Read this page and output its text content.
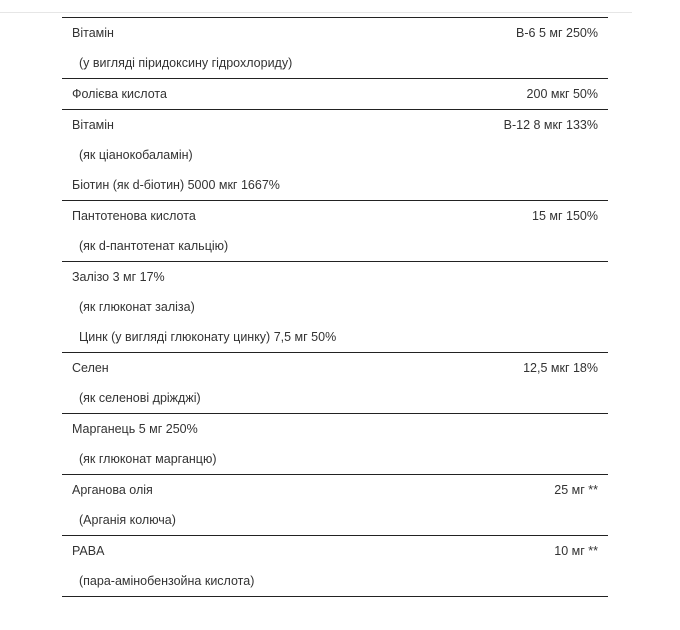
Вітамін	B-6 5 мг 250%
(у вигляді піридоксину гідрохлориду)
Фолієва кислота	200 мкг 50%
Вітамін	B-12 8 мкг 133%
(як ціанокобаламін)
Біотин (як d-біотин) 5000 мкг 1667%
Пантотенова кислота	15 мг 150%
(як d-пантотенат кальцію)
Залізо 3 мг 17%
(як глюконат заліза)
Цинк (у вигляді глюконату цинку) 7,5 мг 50%
Селен	12,5 мкг 18%
(як селенові дріжджі)
Марганець 5 мг 250%
(як глюконат марганцю)
Арганова олія	25 мг **
(Арганія колюча)
PABA	10 мг **
(пара-амінобензойна кислота)
